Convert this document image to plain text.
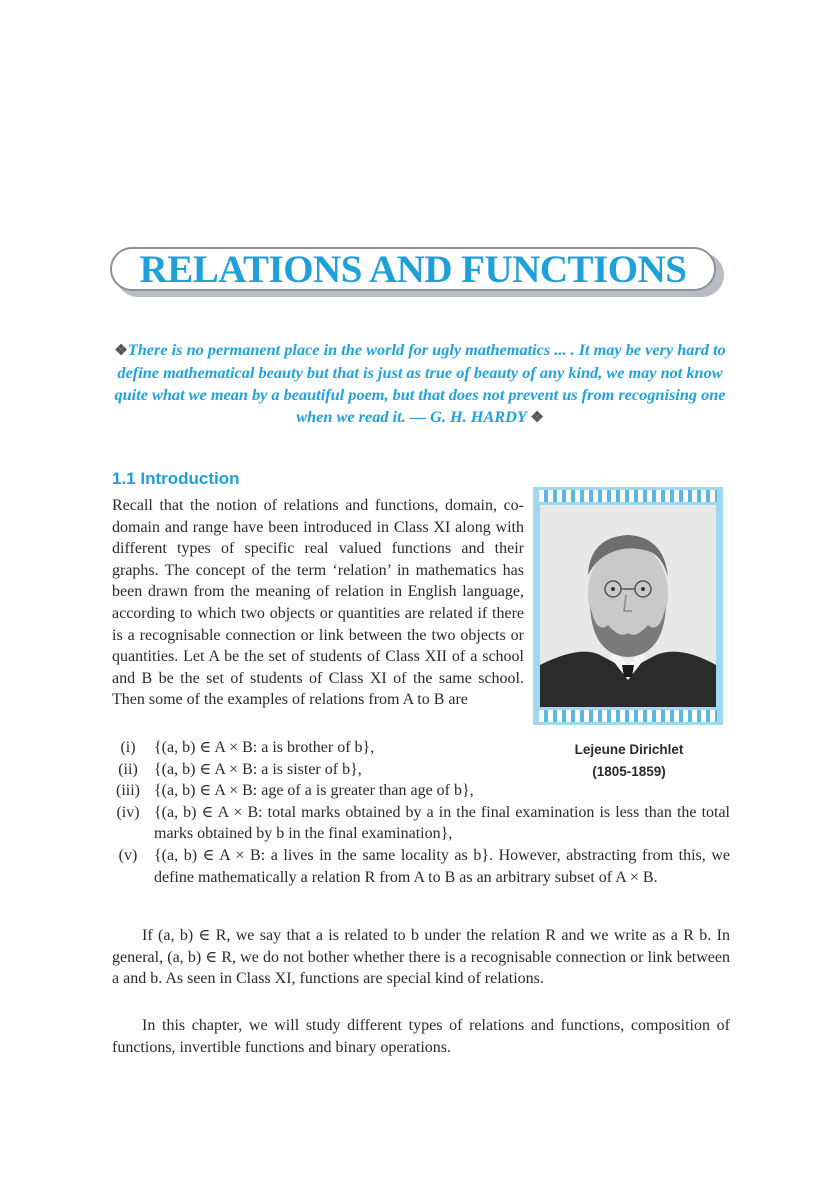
RELATIONS AND FUNCTIONS
❖There is no permanent place in the world for ugly mathematics ... . It may be very hard to define mathematical beauty but that is just as true of beauty of any kind, we may not know quite what we mean by a beautiful poem, but that does not prevent us from recognising one when we read it. — G. H. HARDY ❖
1.1 Introduction
Recall that the notion of relations and functions, domain, co-domain and range have been introduced in Class XI along with different types of specific real valued functions and their graphs. The concept of the term ‘relation’ in mathematics has been drawn from the meaning of relation in English language, according to which two objects or quantities are related if there is a recognisable connection or link between the two objects or quantities. Let A be the set of students of Class XII of a school and B be the set of students of Class XI of the same school. Then some of the examples of relations from A to B are
Lejeune Dirichlet
(1805-1859)
(i)	{(a, b) ∈ A × B: a is brother of b},
(ii)	{(a, b) ∈ A × B: a is sister of b},
(iii) {(a, b) ∈ A × B: age of a is greater than age of b},
(iv) {(a, b) ∈ A × B: total marks obtained by a in the final examination is less than the total marks obtained by b in the final examination},
(v)	{(a, b) ∈ A × B: a lives in the same locality as b}. However, abstracting from this, we define mathematically a relation R from A to B as an arbitrary subset of A × B.
If (a, b) ∈ R, we say that a is related to b under the relation R and we write as a R b. In general, (a, b) ∈ R, we do not bother whether there is a recognisable connection or link between a and b. As seen in Class XI, functions are special kind of relations.
In this chapter, we will study different types of relations and functions, composition of functions, invertible functions and binary operations.
